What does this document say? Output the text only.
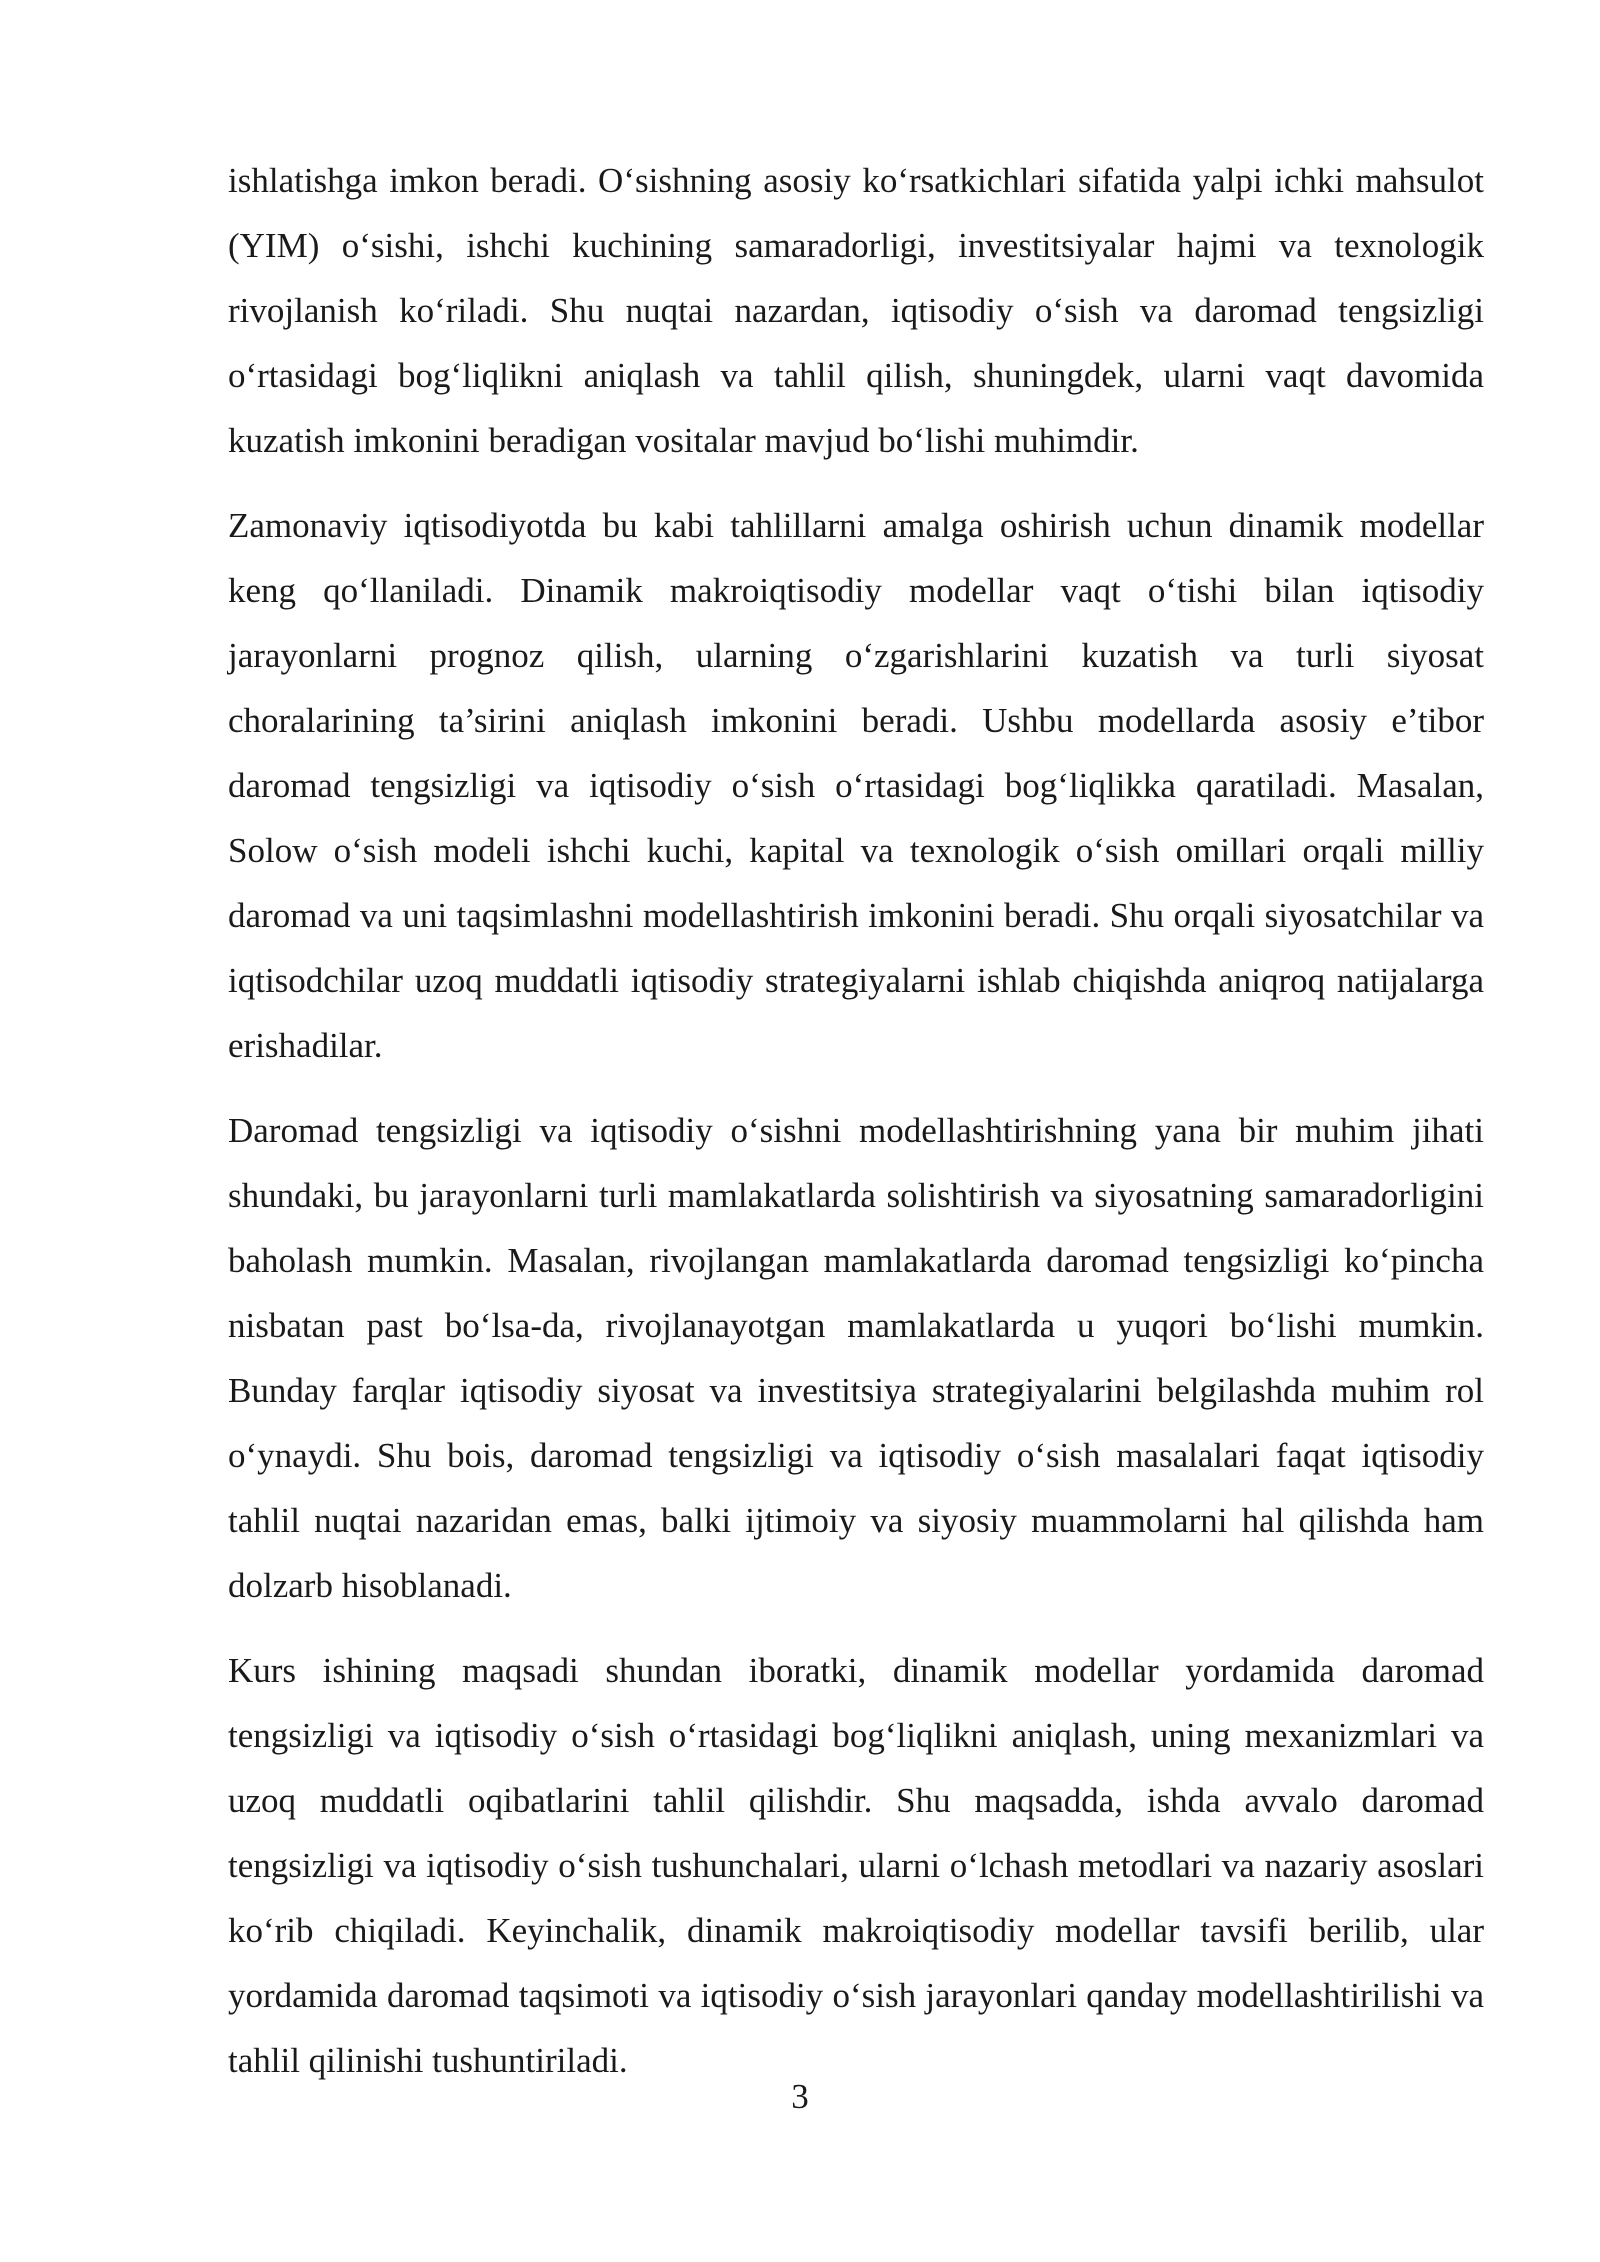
ishlatishga imkon beradi. O‘sishning asosiy ko‘rsatkichlari sifatida yalpi ichki mahsulot (YIM) o‘sishi, ishchi kuchining samaradorligi, investitsiyalar hajmi va texnologik rivojlanish ko‘riladi. Shu nuqtai nazardan, iqtisodiy o‘sish va daromad tengsizligi o‘rtasidagi bog‘liqlikni aniqlash va tahlil qilish, shuningdek, ularni vaqt davomida kuzatish imkonini beradigan vositalar mavjud bo‘lishi muhimdir.

Zamonaviy iqtisodiyotda bu kabi tahlillarni amalga oshirish uchun dinamik modellar keng qo‘llaniladi. Dinamik makroiqtisodiy modellar vaqt o‘tishi bilan iqtisodiy jarayonlarni prognoz qilish, ularning o‘zgarishlarini kuzatish va turli siyosat choralarining ta’sirini aniqlash imkonini beradi. Ushbu modellarda asosiy e’tibor daromad tengsizligi va iqtisodiy o‘sish o‘rtasidagi bog‘liqlikka qaratiladi. Masalan, Solow o‘sish modeli ishchi kuchi, kapital va texnologik o‘sish omillari orqali milliy daromad va uni taqsimlashni modellashtirish imkonini beradi. Shu orqali siyosatchilar va iqtisodchilar uzoq muddatli iqtisodiy strategiyalarni ishlab chiqishda aniqroq natijalarga erishadilar.

Daromad tengsizligi va iqtisodiy o‘sishni modellashtirishning yana bir muhim jihati shundaki, bu jarayonlarni turli mamlakatlarda solishtirish va siyosatning samaradorligini baholash mumkin. Masalan, rivojlangan mamlakatlarda daromad tengsizligi ko‘pincha nisbatan past bo‘lsa-da, rivojlanayotgan mamlakatlarda u yuqori bo‘lishi mumkin. Bunday farqlar iqtisodiy siyosat va investitsiya strategiyalarini belgilashda muhim rol o‘ynaydi. Shu bois, daromad tengsizligi va iqtisodiy o‘sish masalalari faqat iqtisodiy tahlil nuqtai nazaridan emas, balki ijtimoiy va siyosiy muammolarni hal qilishda ham dolzarb hisoblanadi.

Kurs ishining maqsadi shundan iboratki, dinamik modellar yordamida daromad tengsizligi va iqtisodiy o‘sish o‘rtasidagi bog‘liqlikni aniqlash, uning mexanizmlari va uzoq muddatli oqibatlarini tahlil qilishdir. Shu maqsadda, ishda avvalo daromad tengsizligi va iqtisodiy o‘sish tushunchalari, ularni o‘lchash metodlari va nazariy asoslari ko‘rib chiqiladi. Keyinchalik, dinamik makroiqtisodiy modellar tavsifi berilib, ular yordamida daromad taqsimoti va iqtisodiy o‘sish jarayonlari qanday modellashtirilishi va tahlil qilinishi tushuntiriladi.

3
